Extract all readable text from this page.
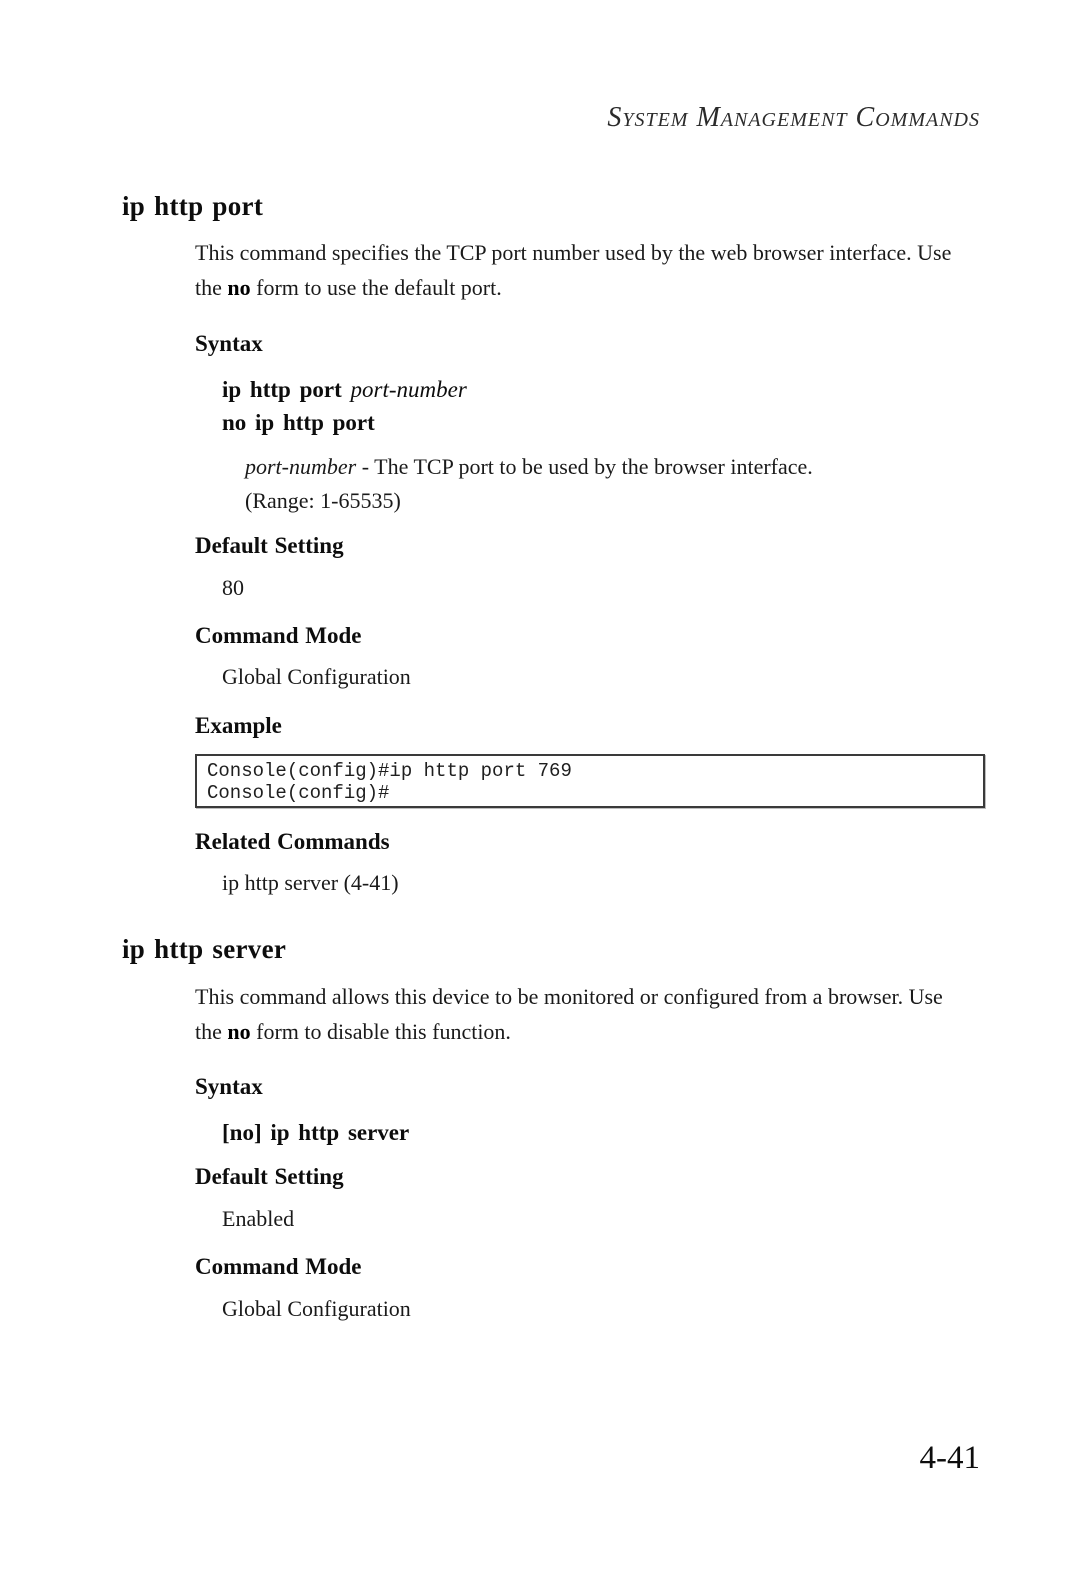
System Management Commands
ip http port
This command specifies the TCP port number used by the web browser interface. Use the no form to use the default port.
Syntax
ip http port port-number
no ip http port
port-number - The TCP port to be used by the browser interface.
(Range: 1-65535)
Default Setting
80
Command Mode
Global Configuration
Example
Console(config)#ip http port 769
Console(config)#
Related Commands
ip http server (4-41)
ip http server
This command allows this device to be monitored or configured from a browser. Use the no form to disable this function.
Syntax
[no] ip http server
Default Setting
Enabled
Command Mode
Global Configuration
4-41
